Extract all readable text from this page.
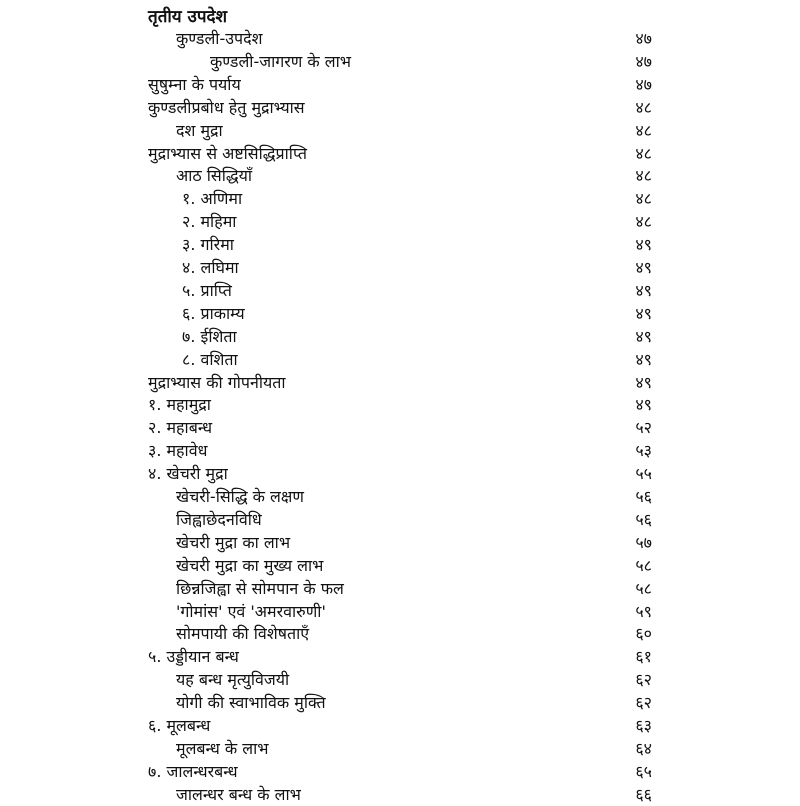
तृतीय उपदेश
कुण्डली-उपदेश	४७
कुण्डली-जागरण के लाभ	४७
सुषुम्ना के पर्याय	४७
कुण्डलीप्रबोध हेतु मुद्राभ्यास	४८
दश मुद्रा	४८
मुद्राभ्यास से अष्टसिद्धिप्राप्ति	४८
आठ सिद्धियाँ	४८
१. अणिमा	४८
२. महिमा	४८
३. गरिमा	४९
४. लघिमा	४९
५. प्राप्ति	४९
६. प्राकाम्य	४९
७. ईशिता	४९
८. वशिता	४९
मुद्राभ्यास की गोपनीयता	४९
१. महामुद्रा	४९
२. महाबन्ध	५२
३. महावेध	५३
४. खेचरी मुद्रा	५५
खेचरी-सिद्धि के लक्षण	५६
जिह्वाछेदनविधि	५६
खेचरी मुद्रा का लाभ	५७
खेचरी मुद्रा का मुख्य लाभ	५८
छिन्नजिह्वा से सोमपान के फल	५८
'गोमांस' एवं 'अमरवारुणी'	५९
सोमपायी की विशेषताएँ	६०
५. उड्डीयान बन्ध	६१
यह बन्ध मृत्युविजयी	६२
योगी की स्वाभाविक मुक्ति	६२
६. मूलबन्ध	६३
मूलबन्ध के लाभ	६४
७. जालन्धरबन्ध	६५
जालन्धर बन्ध के लाभ	६६
